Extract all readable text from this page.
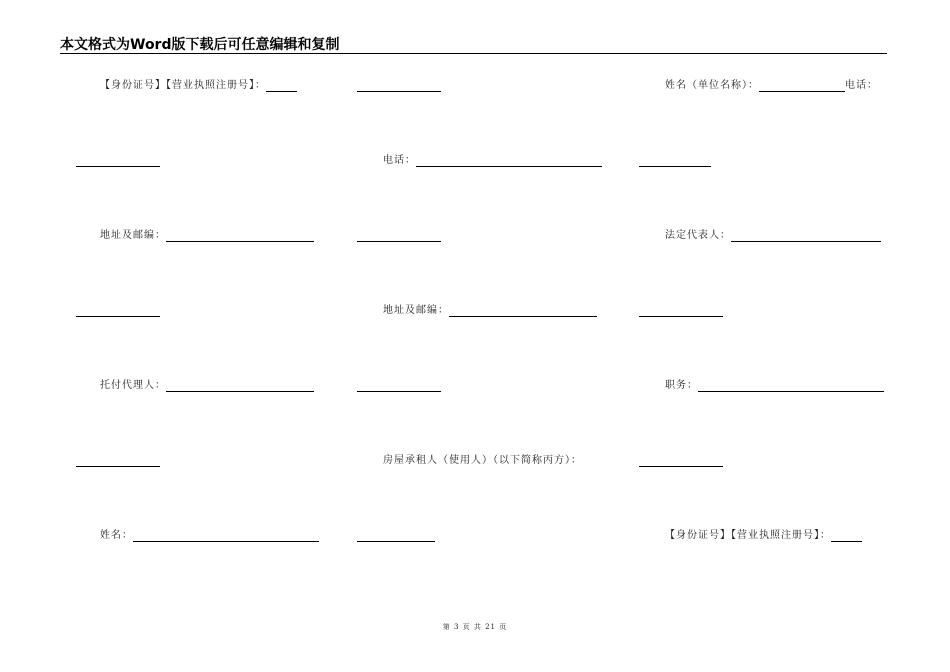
本文格式为Word版下载后可任意编辑和复制
【身份证号】【营业执照注册号】：	姓名（单位名称）：	电话：
电话：
地址及邮编：	法定代表人：
地址及邮编：
托付代理人：	职务：
房屋承租人（使用人）（以下简称丙方）：
姓名：	【身份证号】【营业执照注册号】：
第 3 页 共 21 页
